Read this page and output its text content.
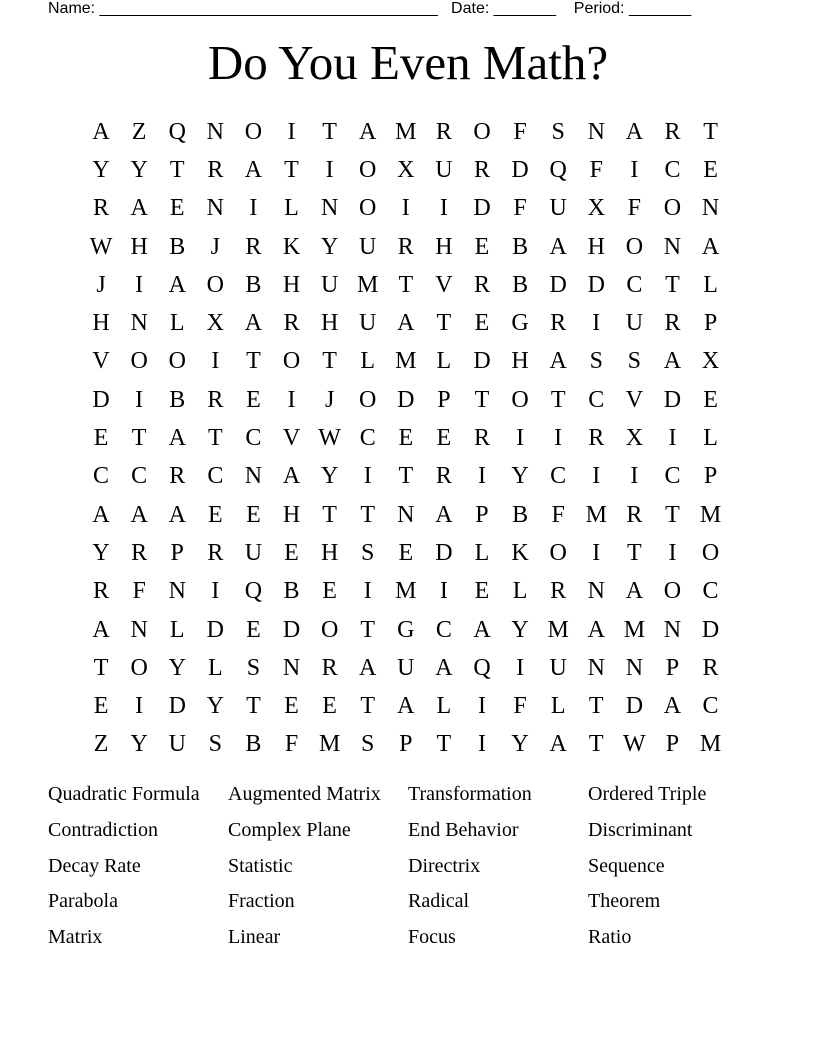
Name: ______________________________________   Date: _______    Period: _______
Do You Even Math?
A Z Q N O	I	T A M R O F	S N A R T
Y Y T R A T	I	O X U R D Q F	I	C E
R A E N	I	L N O	I	I	D F U X F O N
W H B	J	R K Y U R H E B A H O N A
J	I	A O B H U M T V R B D D C T L
H N L X A R H U A T E G R	I	U R P
V O O	I	T O T L M L D H A S	S A X
D	I	B R E	I	J	O D P	T O T C V D E
E T A T C V W C E E R	I	I	R X	I	L
C C R C N A Y	I	T R	I	Y C	I	I	C P
A A A E E H T T N A P B F M R T M
Y R P R U E H S	E D L K O	I	T	I	O
R F N	I	Q B E	I M I	E L R N A O C
A N L D E D O T G C A Y M A M N D
T O Y L	S N R A U A Q	I	U N N P R
E	I	D Y T E E T A L	I	F	L T D A C
Z Y U S B F M S	P	T	I	Y A T W P M
Quadratic Formula	Augmented Matrix	Transformation	Ordered Triple
Contradiction	Complex Plane	End Behavior	Discriminant
Decay Rate	Statistic	Directrix	Sequence
Parabola	Fraction	Radical	Theorem
Matrix	Linear	Focus	Ratio
